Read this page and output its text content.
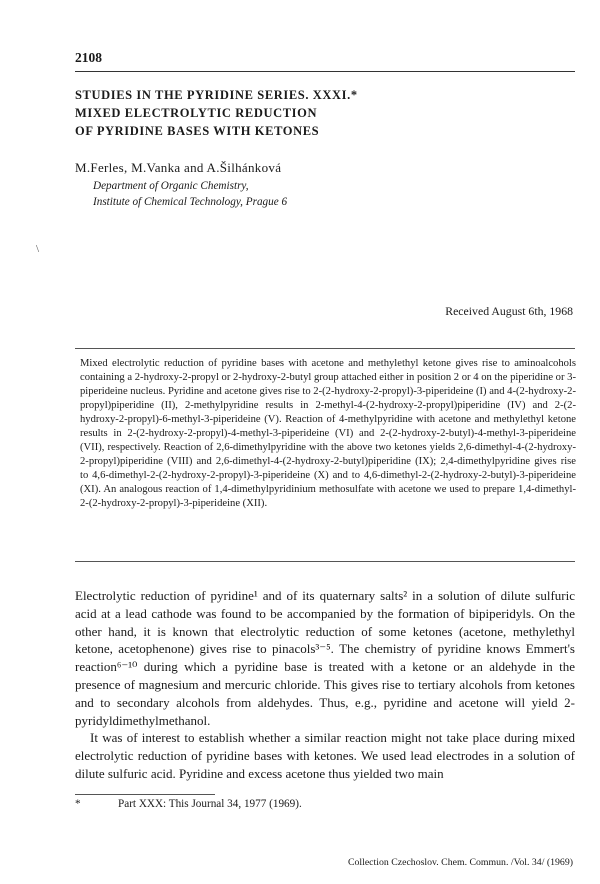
2108
STUDIES IN THE PYRIDINE SERIES. XXXI.*
MIXED ELECTROLYTIC REDUCTION
OF PYRIDINE BASES WITH KETONES
M.Ferles, M.Vanka and A.Šilhánková
Department of Organic Chemistry,
Institute of Chemical Technology, Prague 6
\
Received August 6th, 1968
Mixed electrolytic reduction of pyridine bases with acetone and methylethyl ketone gives rise to aminoalcohols containing a 2-hydroxy-2-propyl or 2-hydroxy-2-butyl group attached either in position 2 or 4 on the piperidine or 3-piperideine nucleus. Pyridine and acetone gives rise to 2-(2-hydroxy-2-propyl)-3-piperideine (I) and 4-(2-hydroxy-2-propyl)piperidine (II), 2-methylpyridine results in 2-methyl-4-(2-hydroxy-2-propyl)piperidine (IV) and 2-(2-hydroxy-2-propyl)-6-methyl-3-piperideine (V). Reaction of 4-methylpyridine with acetone and methylethyl ketone results in 2-(2-hydroxy-2-propyl)-4-methyl-3-piperideine (VI) and 2-(2-hydroxy-2-butyl)-4-methyl-3-piperideine (VII), respectively. Reaction of 2,6-dimethylpyridine with the above two ketones yields 2,6-dimethyl-4-(2-hydroxy-2-propyl)piperidine (VIII) and 2,6-dimethyl-4-(2-hydroxy-2-butyl)piperidine (IX); 2,4-dimethylpyridine gives rise to 4,6-dimethyl-2-(2-hydroxy-2-propyl)-3-piperideine (X) and to 4,6-dimethyl-2-(2-hydroxy-2-butyl)-3-piperideine (XI). An analogous reaction of 1,4-dimethylpyridinium methosulfate with acetone we used to prepare 1,4-dimethyl-2-(2-hydroxy-2-propyl)-3-piperideine (XII).

Electrolytic reduction of pyridine¹ and of its quaternary salts² in a solution of dilute sulfuric acid at a lead cathode was found to be accompanied by the formation of bipiperidyls. On the other hand, it is known that electrolytic reduction of some ketones (acetone, methylethyl ketone, acetophenone) gives rise to pinacols³⁻⁵. The chemistry of pyridine knows Emmert's reaction⁶⁻¹⁰ during which a pyridine base is treated with a ketone or an aldehyde in the presence of magnesium and mercuric chloride. This gives rise to tertiary alcohols from ketones and to secondary alcohols from aldehydes. Thus, e.g., pyridine and acetone will yield 2-pyridyldimethylmethanol.

It was of interest to establish whether a similar reaction might not take place during mixed electrolytic reduction of pyridine bases with ketones. We used lead electrodes in a solution of dilute sulfuric acid. Pyridine and excess acetone thus yielded two main

*	Part XXX: This Journal 34, 1977 (1969).
Collection Czechoslov. Chem. Commun. /Vol. 34/ (1969)
